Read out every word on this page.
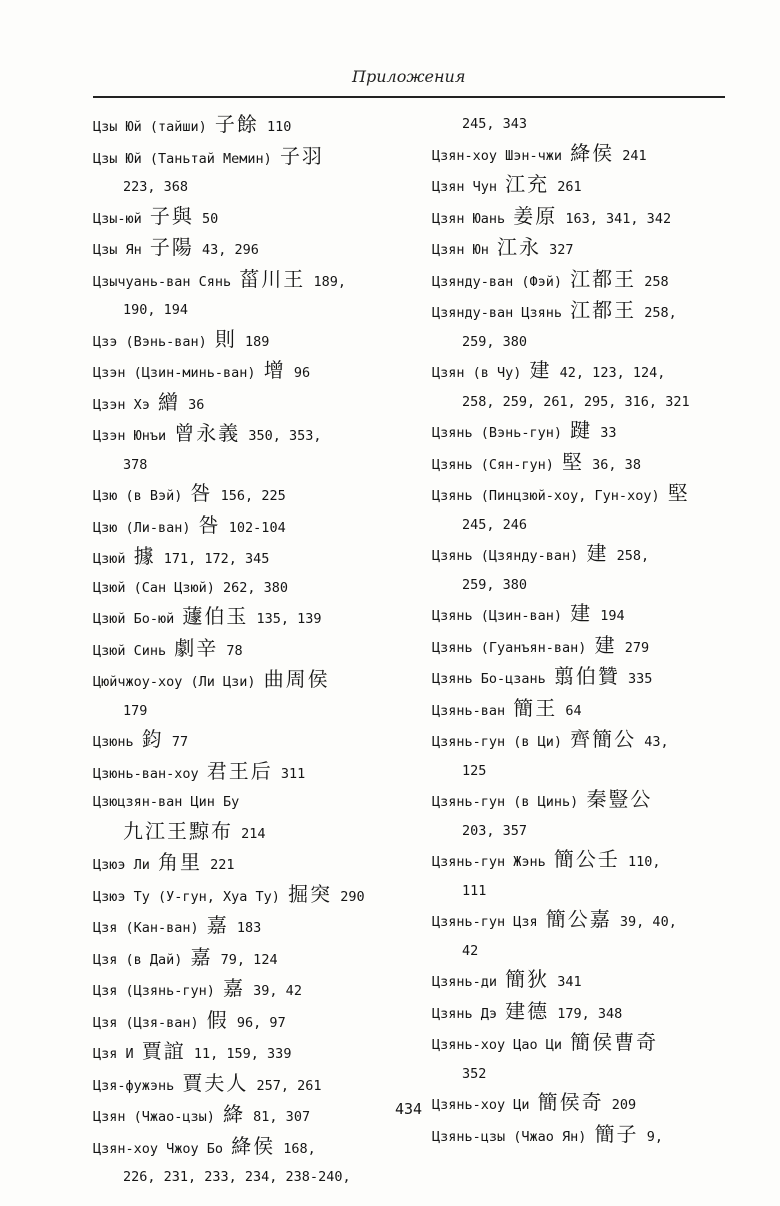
Приложения
Цзы Юй (тайши) 子餘 110
Цзы Юй (Таньтай Мемин) 子羽
223, 368
Цзы-юй 子與 50
Цзы Ян 子陽 43, 296
Цзычуань-ван Сянь 菑川王 189,
190, 194
Цзэ (Вэнь-ван) 則 189
Цзэн (Цзин-минь-ван) 增 96
Цзэн Хэ 繒 36
Цзэн Юнъи 曾永義 350, 353,
378
Цзю (в Вэй) 咎 156, 225
Цзю (Ли-ван) 咎 102-104
Цзюй 據 171, 172, 345
Цзюй (Сан Цзюй) 262, 380
Цзюй Бо-юй 蘧伯玉 135, 139
Цзюй Синь 劇辛 78
Цюйчжоу-хоу (Ли Цзи) 曲周侯
179
Цзюнь 鈞 77
Цзюнь-ван-хоу 君王后 311
Цзюцзян-ван Цин Бу
九江王黥布 214
Цзюэ Ли 角里 221
Цзюэ Ту (У-гун, Хуа Ту) 掘突 290
Цзя (Кан-ван) 嘉 183
Цзя (в Дай) 嘉 79, 124
Цзя (Цзянь-гун) 嘉 39, 42
Цзя (Цзя-ван) 假 96, 97
Цзя И 賈誼 11, 159, 339
Цзя-фужэнь 賈夫人 257, 261
Цзян (Чжао-цзы) 絳 81, 307
Цзян-хоу Чжоу Бо 絳侯 168,
226, 231, 233, 234, 238-240,
245, 343
Цзян-хоу Шэн-чжи 絳侯 241
Цзян Чун 江充 261
Цзян Юань 姜原 163, 341, 342
Цзян Юн 江永 327
Цзянду-ван (Фэй) 江都王 258
Цзянду-ван Цзянь 江都王 258,
259, 380
Цзян (в Чу) 建 42, 123, 124,
258, 259, 261, 295, 316, 321
Цзянь (Вэнь-гун) 踺 33
Цзянь (Сян-гун) 堅 36, 38
Цзянь (Пинцзюй-хоу, Гун-хоу) 堅
245, 246
Цзянь (Цзянду-ван) 建 258,
259, 380
Цзянь (Цзин-ван) 建 194
Цзянь (Гуанъян-ван) 建 279
Цзянь Бо-цзань 翦伯贊 335
Цзянь-ван 簡王 64
Цзянь-гун (в Ци) 齊簡公 43,
125
Цзянь-гун (в Цинь) 秦豎公
203, 357
Цзянь-гун Жэнь 簡公壬 110,
111
Цзянь-гун Цзя 簡公嘉 39, 40,
42
Цзянь-ди 簡狄 341
Цзянь Дэ 建德 179, 348
Цзянь-хоу Цао Ци 簡侯曹奇
352
Цзянь-хоу Ци 簡侯奇 209
Цзянь-цзы (Чжао Ян) 簡子 9,
434
